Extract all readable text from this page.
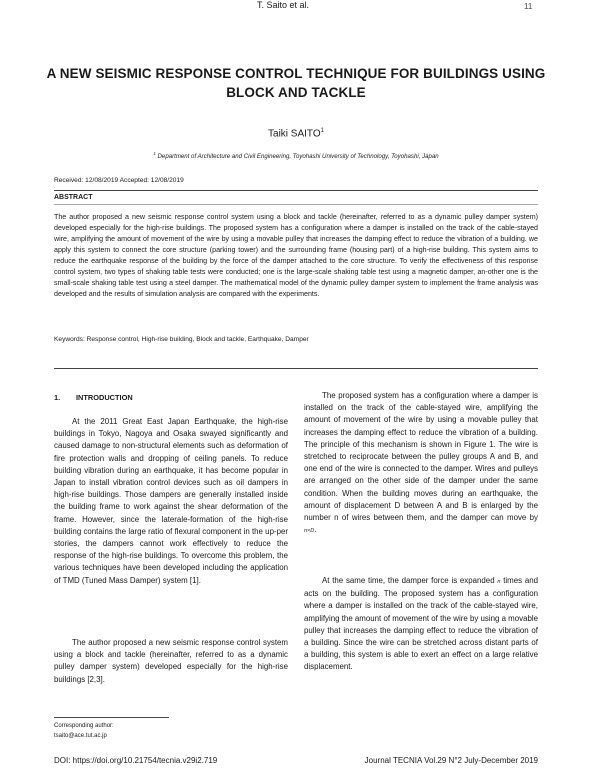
T. Saito et al.	11
A NEW SEISMIC RESPONSE CONTROL TECHNIQUE FOR BUILDINGS USING BLOCK AND TACKLE
Taiki SAITO$^1$
$^1$ Department of Architecture and Civil Engineering, Toyohashi University of Technology, Toyohashi, Japan
Received: 12/08/2019 Accepted: 12/08/2019
ABSTRACT

The author proposed a new seismic response control system using a block and tackle (hereinafter, referred to as a dynamic pulley damper system) developed especially for the high-rise buildings. The proposed system has a configuration where a damper is installed on the track of the cable-stayed wire, amplifying the amount of movement of the wire by using a movable pulley that increases the damping effect to reduce the vibration of a building. we apply this system to connect the core structure (parking tower) and the surrounding frame (housing part) of a high-rise building. This system aims to reduce the earthquake response of the building by the force of the damper attached to the core structure. To verify the effectiveness of this response control system, two types of shaking table tests were conducted; one is the large-scale shaking table test using a magnetic damper, an-other one is the small-scale shaking table test using a steel damper. The mathematical model of the dynamic pulley damper system to implement the frame analysis was developed and the results of simulation analysis are compared with the experiments.

Keywords: Response control, High-rise building, Block and tackle, Earthquake, Damper
1. INTRODUCTION

At the 2011 Great East Japan Earthquake, the high-rise buildings in Tokyo, Nagoya and Osaka swayed significantly and caused damage to non-structural elements such as deformation of fire protection walls and dropping of ceiling panels. To reduce building vibration during an earthquake, it has become popular in Japan to install vibration control devices such as oil dampers in high-rise buildings. Those dampers are generally installed inside the building frame to work against the shear deformation of the frame. However, since the laterale-formation of the high-rise building contains the large ratio of flexural component in the up-per stories, the dampers cannot work effectively to reduce the response of the high-rise buildings. To overcome this problem, the various techniques have been developed including the application of TMD (Tuned Mass Damper) system [1].

The author proposed a new seismic response control system using a block and tackle (hereinafter, referred to as a dynamic pulley damper system) developed especially for the high-rise buildings [2,3].

The proposed system has a configuration where a damper is installed on the track of the cable-stayed wire, amplifying the amount of movement of the wire by using a movable pulley that increases the damping effect to reduce the vibration of a building. The principle of this mechanism is shown in Figure 1. The wire is stretched to reciprocate between the pulley groups A and B, and one end of the wire is connected to the damper. Wires and pulleys are arranged on the other side of the damper under the same condition. When the building moves during an earthquake, the amount of displacement D between A and B is enlarged by the number n of wires between them, and the damper can move by n×D.

At the same time, the damper force is expanded n times and acts on the building. The proposed system has a configuration where a damper is installed on the track of the cable-stayed wire, amplifying the amount of movement of the wire by using a movable pulley that increases the damping effect to reduce the vibration of a building. Since the wire can be stretched across distant parts of a building, this system is able to exert an effect on a large relative displacement.

Corresponding author:
tsaito@ace.tut.ac.jp
DOI: https://doi.org/10.21754/tecnia.v29i2.719	Journal TECNIA Vol.29 N°2 July-December 2019
